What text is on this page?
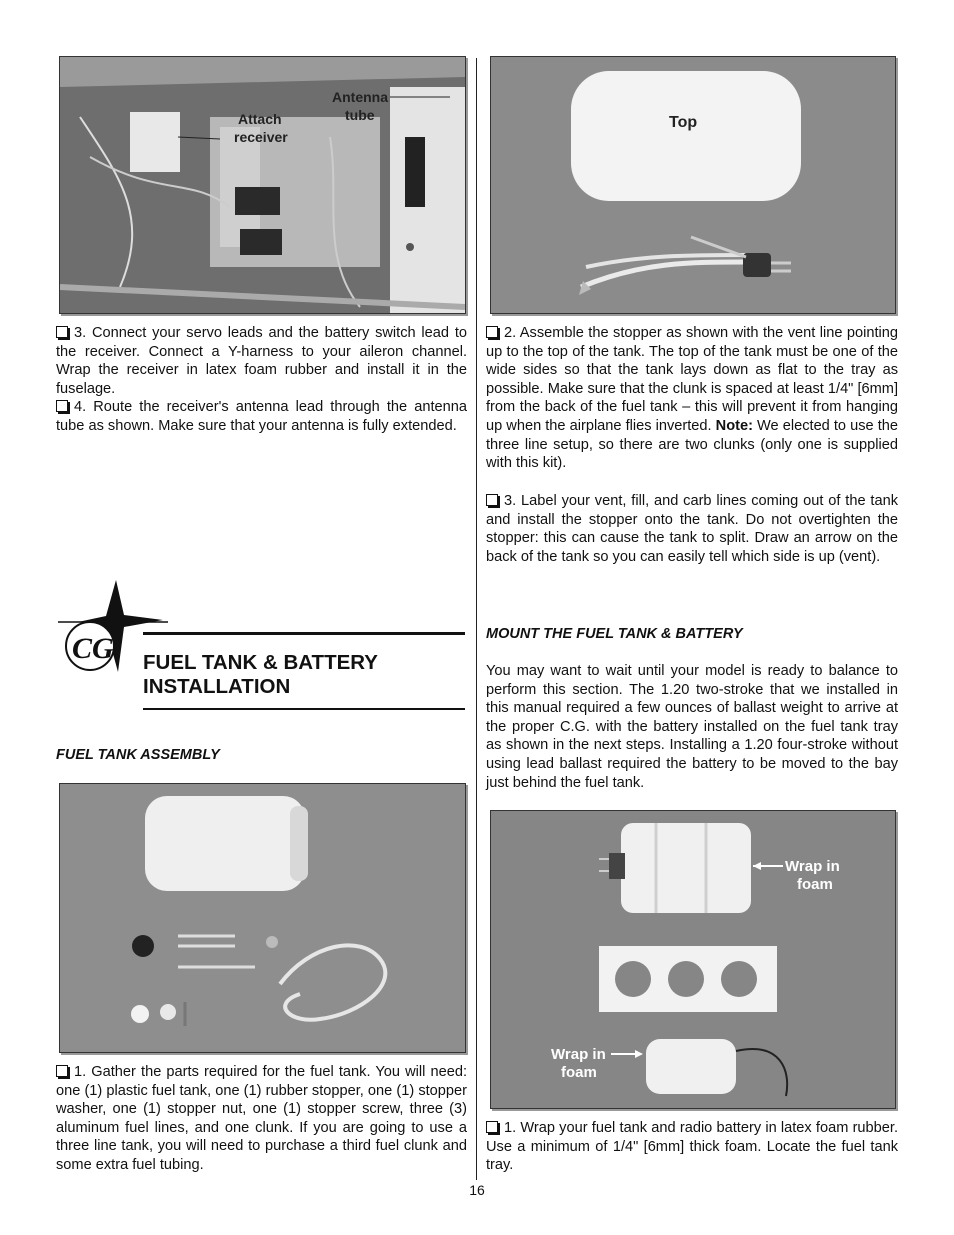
Attach
receiver
Antenna
tube

3. Connect your servo leads and the battery switch lead to the receiver. Connect a Y-harness to your aileron channel. Wrap the receiver in latex foam rubber and install it in the fuselage.

4. Route the receiver's antenna lead through the antenna tube as shown. Make sure that your antenna is fully extended.

CG FUEL TANK & BATTERY INSTALLATION

FUEL TANK ASSEMBLY

1. Gather the parts required for the fuel tank. You will need: one (1) plastic fuel tank, one (1) rubber stopper, one (1) stopper washer, one (1) stopper nut, one (1) stopper screw, three (3) aluminum fuel lines, and one clunk. If you are going to use a three line tank, you will need to purchase a third fuel clunk and some extra fuel tubing.

Top

2. Assemble the stopper as shown with the vent line pointing up to the top of the tank. The top of the tank must be one of the wide sides so that the tank lays down as flat to the tray as possible. Make sure that the clunk is spaced at least 1/4" [6mm] from the back of the fuel tank – this will prevent it from hanging up when the airplane flies inverted. Note: We elected to use the three line setup, so there are two clunks (only one is supplied with this kit).

3. Label your vent, fill, and carb lines coming out of the tank and install the stopper onto the tank. Do not overtighten the stopper: this can cause the tank to split. Draw an arrow on the back of the tank so you can easily tell which side is up (vent).

MOUNT THE FUEL TANK & BATTERY

You may want to wait until your model is ready to balance to perform this section. The 1.20 two-stroke that we installed in this manual required a few ounces of ballast weight to arrive at the proper C.G. with the battery installed on the fuel tank tray as shown in the next steps. Installing a 1.20 four-stroke without using lead ballast required the battery to be moved to the bay just behind the fuel tank.

Wrap in
foam
Wrap in
foam

1. Wrap your fuel tank and radio battery in latex foam rubber. Use a minimum of 1/4" [6mm] thick foam. Locate the fuel tank tray.

16
